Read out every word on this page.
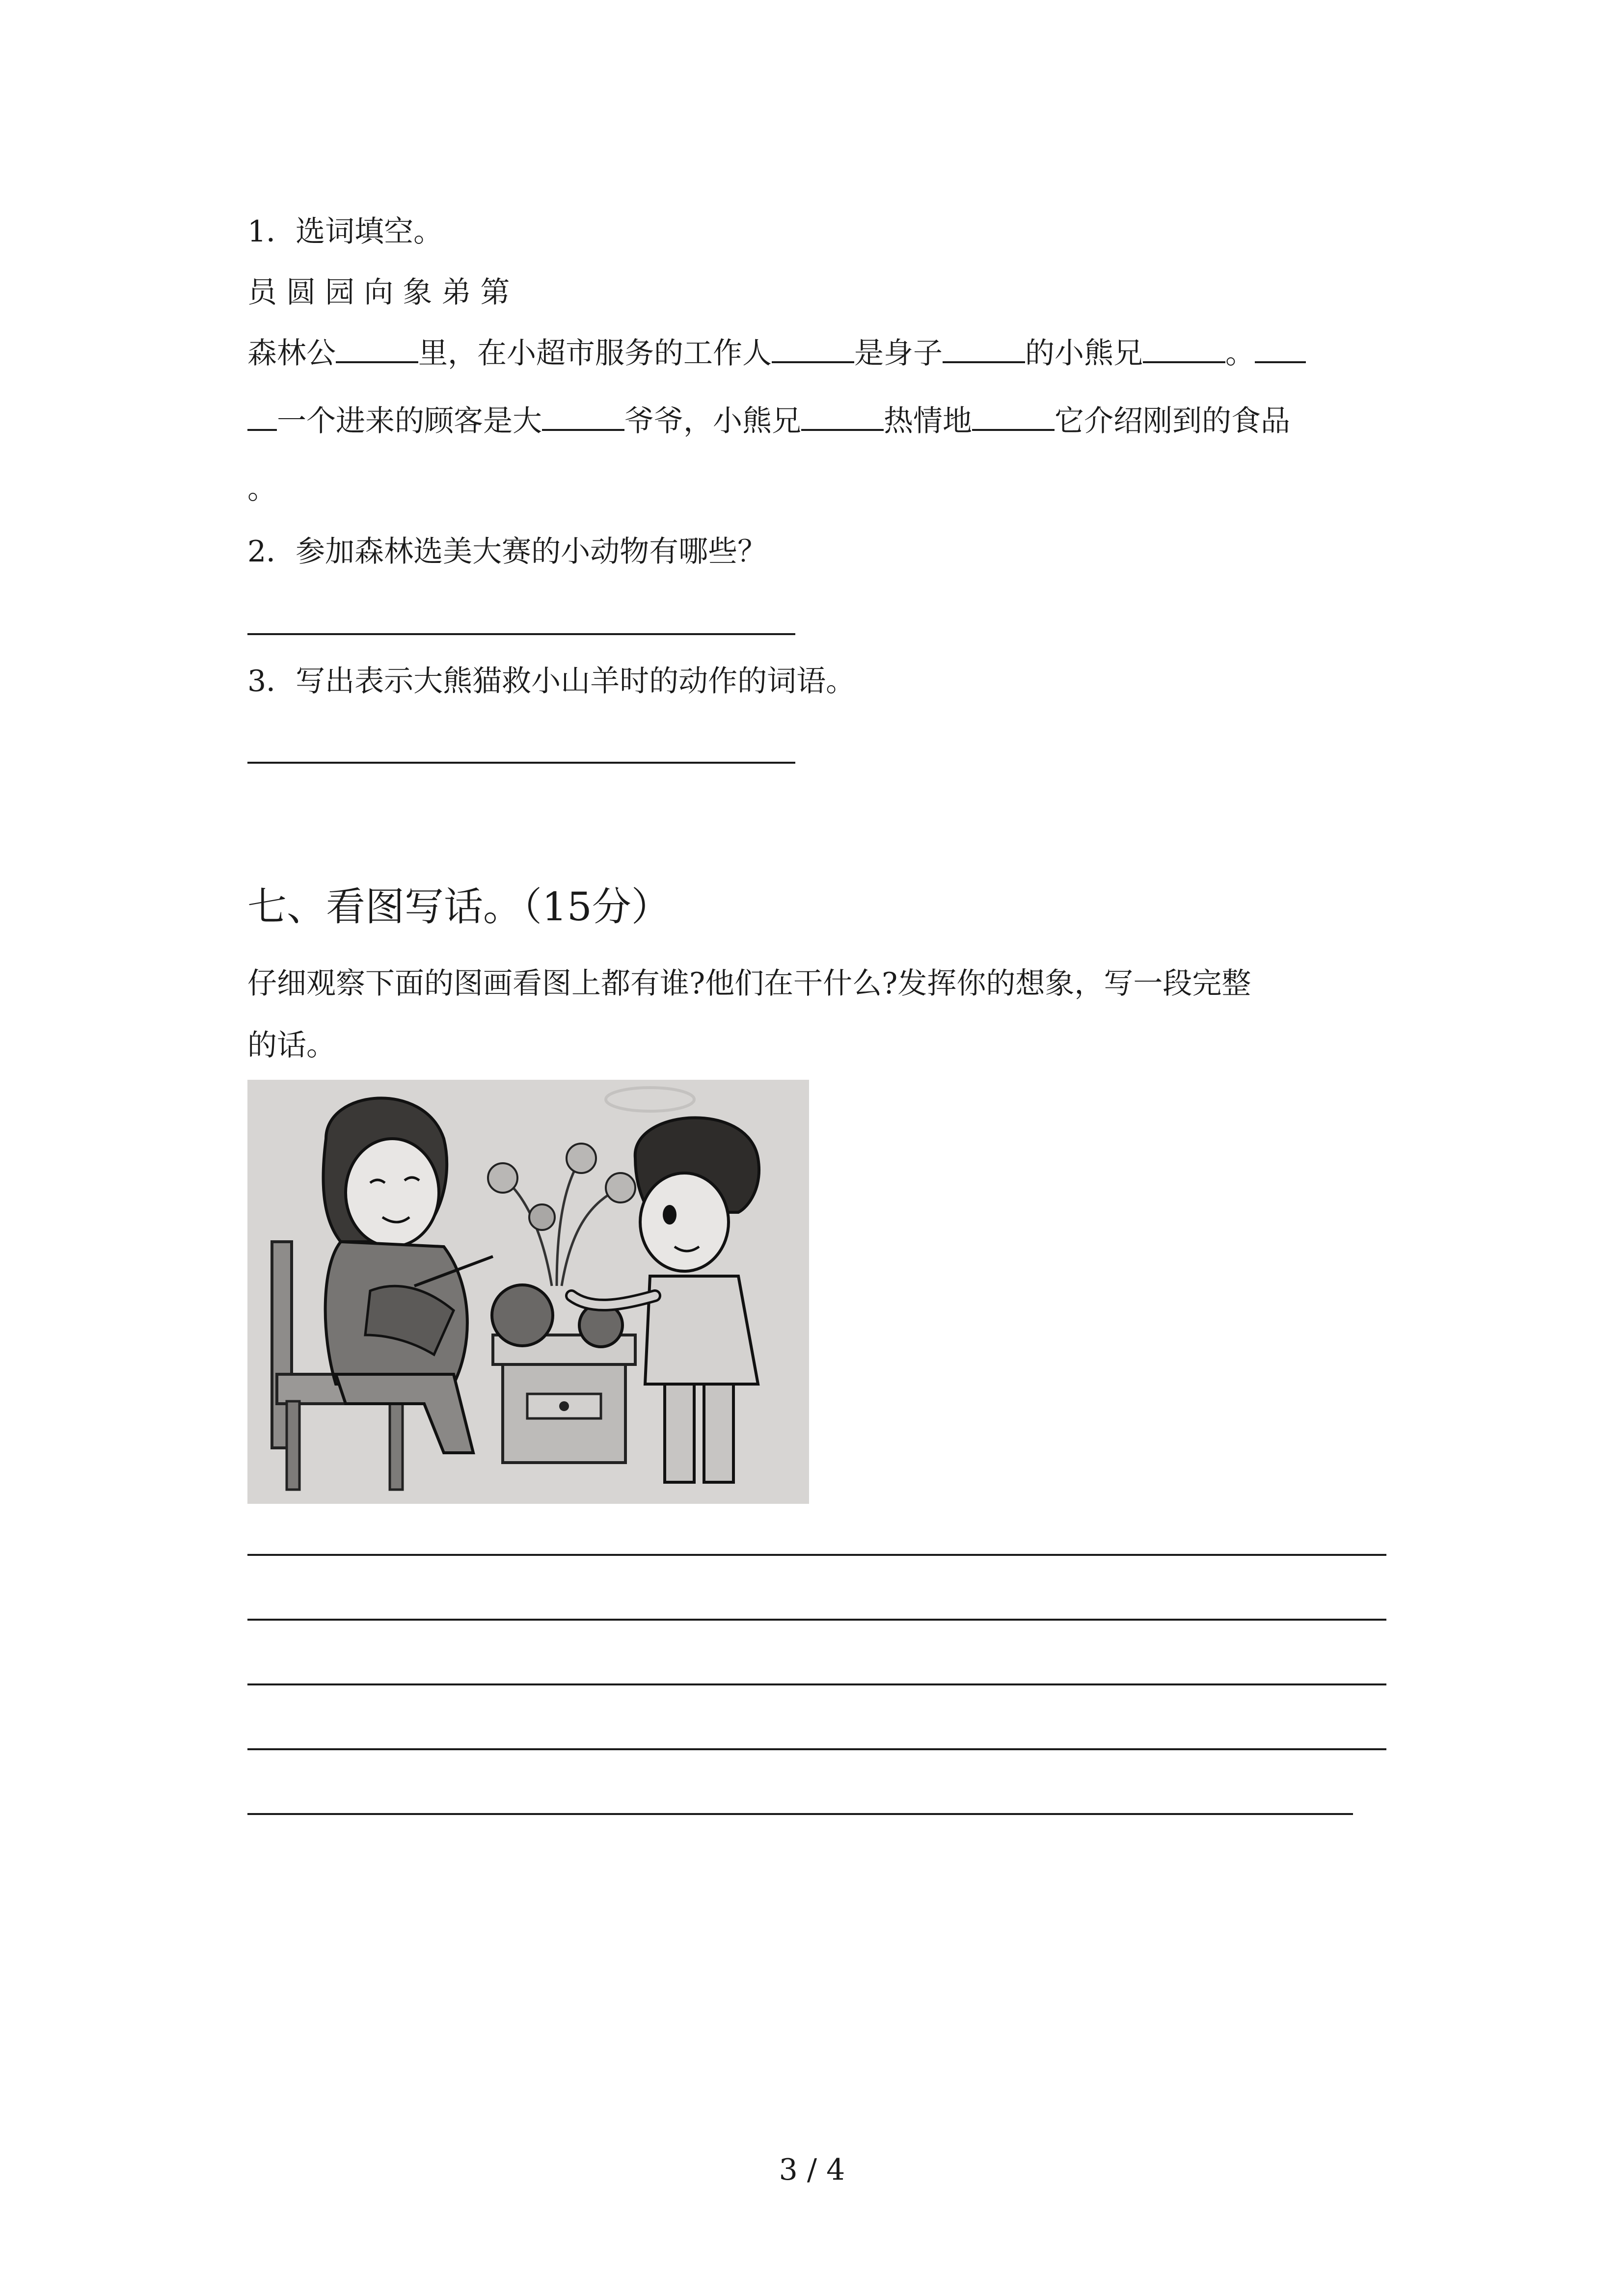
1．选词填空。
员 圆 园 向 象 弟 第
森林公	里，在小超市服务的工作人	是身子	的小熊兄	。
一个进来的顾客是大	爷爷，小熊兄	热情地	它介绍刚到的食品
。
2．参加森林选美大赛的小动物有哪些？
3．写出表示大熊猫救小山羊时的动作的词语。
七、看图写话。（15分）
仔细观察下面的图画看图上都有谁?他们在干什么?发挥你的想象，写一段完整
的话。
3 / 4
